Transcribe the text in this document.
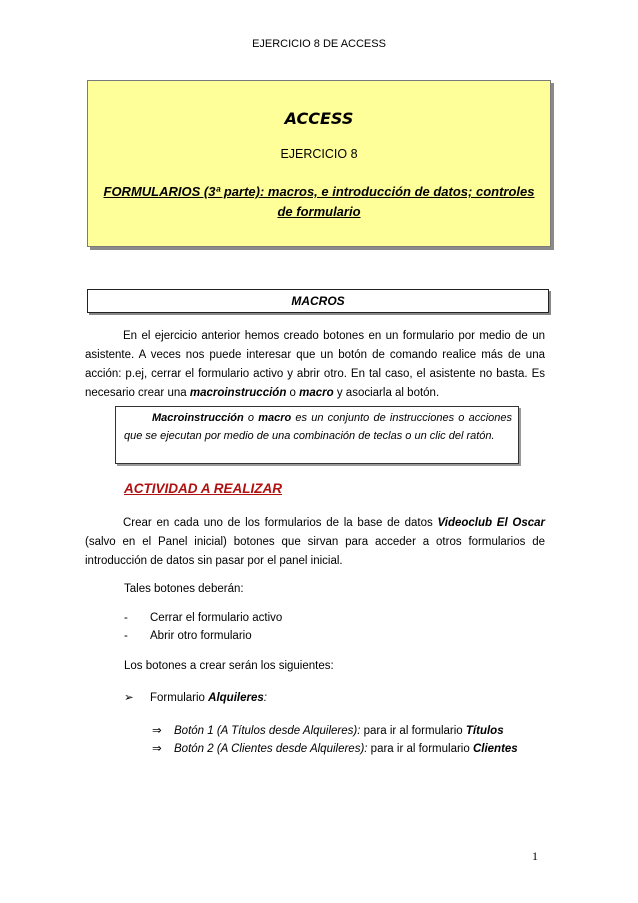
EJERCICIO 8 DE ACCESS
ACCESS
EJERCICIO 8
FORMULARIOS (3ª parte): macros, e introducción de datos; controles
de formulario
MACROS
En el ejercicio anterior hemos creado botones en un formulario por medio de un asistente. A veces nos puede interesar que un botón de comando realice más de una acción: p.ej, cerrar el formulario activo y abrir otro. En tal caso, el asistente no basta. Es necesario crear una macroinstrucción o macro y asociarla al botón.
Macroinstrucción o macro es un conjunto de instrucciones o acciones que se ejecutan por medio de una combinación de teclas o un clic del ratón.
ACTIVIDAD A REALIZAR
Crear en cada uno de los formularios de la base de datos Videoclub El Oscar (salvo en el Panel inicial) botones que sirvan para acceder a otros formularios de introducción de datos sin pasar por el panel inicial.
Tales botones deberán:
- Cerrar el formulario activo
- Abrir otro formulario
Los botones a crear serán los siguientes:
➢ Formulario Alquileres:
⇒ Botón 1 (A Títulos desde Alquileres): para ir al formulario Títulos
⇒ Botón 2 (A Clientes desde Alquileres): para ir al formulario Clientes
1
